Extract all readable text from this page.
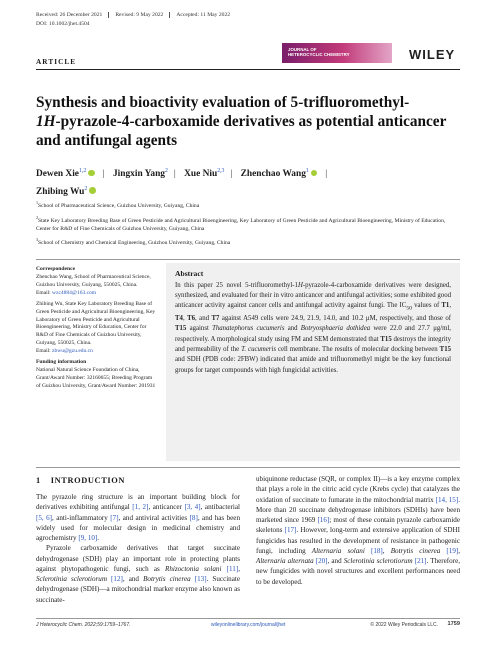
Received: 26 December 2021	Revised: 9 May 2022	Accepted: 11 May 2022
DOI: 10.1002/jhet.4504
JOURNAL OF HETEROCYCLIC CHEMISTRY	WILEY
ARTICLE
Synthesis and bioactivity evaluation of 5-trifluoromethyl-
1H-pyrazole-4-carboxamide derivatives as potential anticancer and antifungal agents
Dewen Xie$^{1,2}$ | Jingxin Yang$^2$ | Xue Niu$^{2,3}$ | Zhenchao Wang$^1$ |
Zhibing Wu$^2$

$^1$School of Pharmaceutical Science, Guizhou University, Guiyang, China

$^2$State Key Laboratory Breeding Base of Green Pesticide and Agricultural Bioengineering, Key Laboratory of Green Pesticide and Agricultural Bioengineering, Ministry of Education, Center for R&D of Fine Chemicals of Guizhou University, Guiyang, China

$^3$School of Chemistry and Chemical Engineering, Guizhou University, Guiyang, China

Correspondence
Zhenchao Wang, School of Pharmaceutical Science, Guizhou University, Guiyang, 550025, China.
Email: wzc4884@163.com
Zhibing Wu, State Key Laboratory Breeding Base of Green Pesticide and Agricultural Bioengineering, Key Laboratory of Green Pesticide and Agricultural Bioengineering, Ministry of Education, Center for R&D of Fine Chemicals of Guizhou University, Guiyang, 550025, China.
Email: zbwu@gzu.edu.cn
Funding information
National Natural Science Foundation of China, Grant/Award Number: 32160655; Breeding Program of Guizhou University, Grant/Award Number: 201931
Abstract

In this paper 25 novel 5-trifluoromethyl-1H-pyrazole-4-carboxamide derivatives were designed, synthesized, and evaluated for their in vitro anticancer and antifungal activities; some exhibited good anticancer activity against cancer cells and antifungal activity against fungi. The $IC_{50}$ values of T1, T4, T6, and T7 against A549 cells were 24.9, 21.9, 14.0, and 10.2 μM, respectively, and those of T15 against Thanatephorus cucumeris and Botryosphaeria dothidea were 22.0 and 27.7 μg/ml, respectively. A morphological study using FM and SEM demonstrated that T15 destroys the integrity and permeability of the T. cucumeris cell membrane. The results of molecular docking between T15 and SDH (PDB code: 2FBW) indicated that amide and trifluoromethyl might be the key functional groups for target compounds with high fungicidal activities.

1 INTRODUCTION

The pyrazole ring structure is an important building block for derivatives exhibiting antifungal [1, 2], anticancer [3, 4], antibacterial [5, 6], anti-inflammatory [7], and antiviral activities [8], and has been widely used for molecular design in medicinal chemistry and agrochemistry [9, 10].

Pyrazole carboxamide derivatives that target succinate dehydrogenase (SDH) play an important role in protecting plants against phytopathogenic fungi, such as Rhizoctonia solani [11], Sclerotinia sclerotiorum [12], and Botrytis cinerea [13]. Succinate dehydrogenase (SDH)—a mitochondrial marker enzyme also known as succinate-

ubiquinone reductase (SQR, or complex II)—is a key enzyme complex that plays a role in the citric acid cycle (Krebs cycle) that catalyzes the oxidation of succinate to fumarate in the mitochondrial matrix [14, 15]. More than 20 succinate dehydrogenase inhibitors (SDHIs) have been marketed since 1969 [16]; most of these contain pyrazole carboxamide skeletons [17]. However, long-term and extensive application of SDHI fungicides has resulted in the development of resistance in pathogenic fungi, including Alternaria solani [18], Botrytis cinerea [19], Alternaria alternata [20], and Sclerotinia sclerotiorum [21]. Therefore, new fungicides with novel structures and excellent performances need to be developed.

J Heterocyclic Chem. 2022;59:1759–1767.	wileyonlinelibrary.com/journal/jhet	© 2022 Wiley Periodicals LLC. 1759
